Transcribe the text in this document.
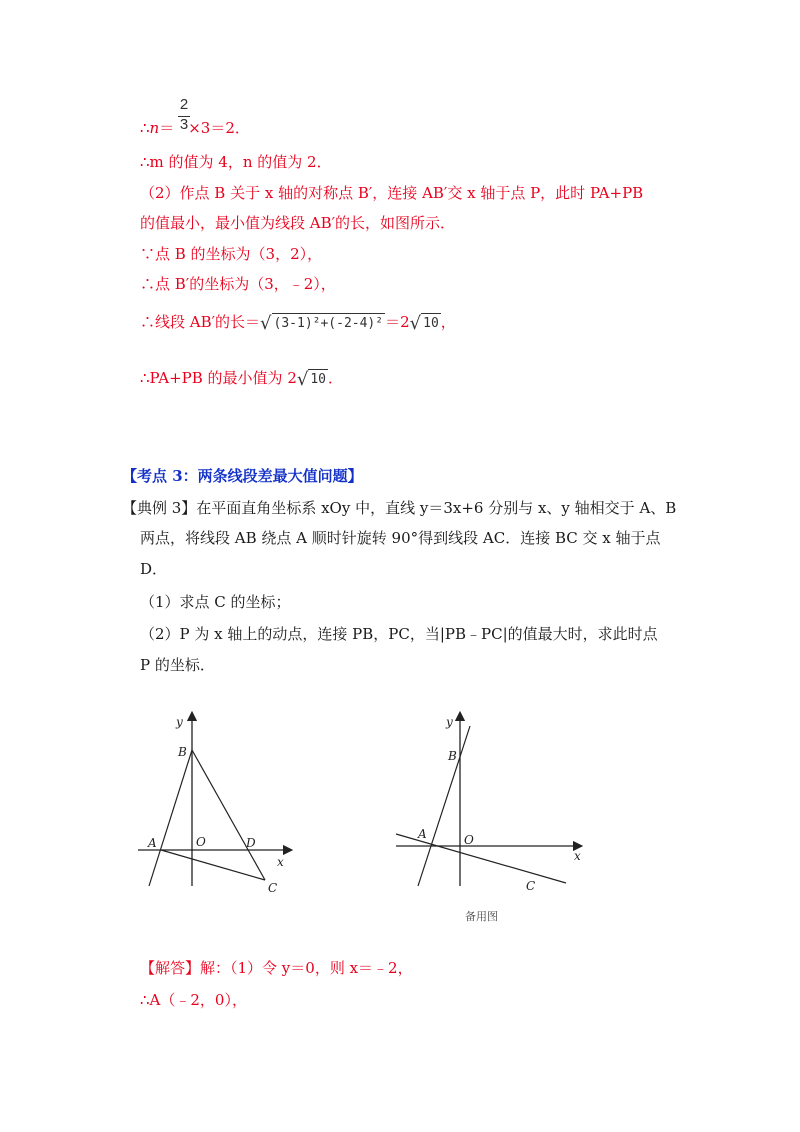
2
3
∴n＝ ×3＝2．
∴m 的值为 4，n 的值为 2．
（2）作点 B 关于 x 轴的对称点 B′，连接 AB′交 x 轴于点 P，此时 PA+PB
的值最小，最小值为线段 AB′的长，如图所示．
∵点 B 的坐标为（3，2），
∴点 B′的坐标为（3，﹣2），
∴线段 AB′的长＝√ (3-1)²+(-2-4)² ＝2√ 10 ，
∴PA+PB 的最小值为 2√ 10 ．
【考点 3：两条线段差最大值问题】
【典例 3】在平面直角坐标系 xOy 中，直线 y＝3x+6 分别与 x、y 轴相交于 A、B
两点，将线段 AB 绕点 A 顺时针旋转 90°得到线段 AC．连接 BC 交 x 轴于点
D．
（1）求点 C 的坐标；
（2）P 为 x 轴上的动点，连接 PB，PC，当|PB﹣PC|的值最大时，求此时点
P 的坐标．
y
x
B
O
A	D
C
y
x
B
O
A
C
备用图
【解答】解：（1）令 y＝0，则 x＝﹣2，
∴A（﹣2，0），
